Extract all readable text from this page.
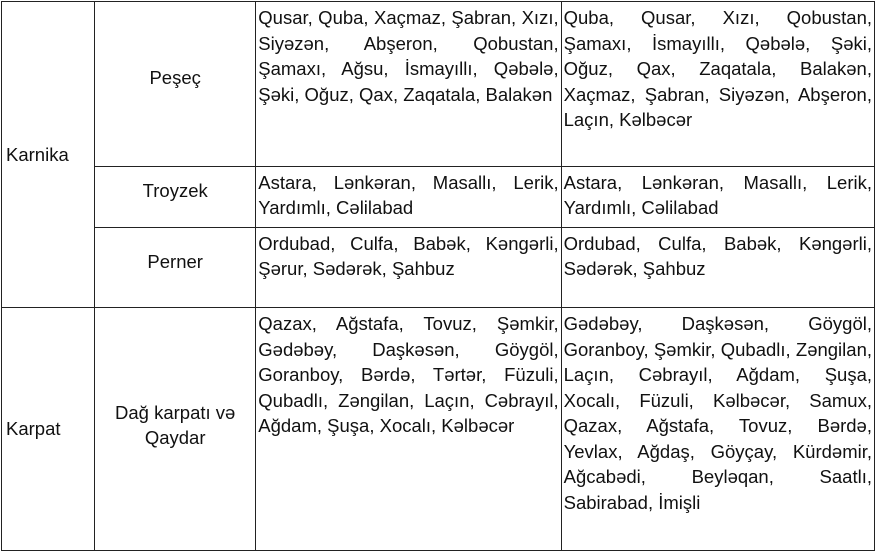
Karnika	Peşeç	Qusar, Quba, Xaçmaz, Şabran, Xızı, Siyəzən, Abşeron, Qobustan, Şamaxı, Ağsu, İsmayıllı, Qəbələ, Şəki, Oğuz, Qax, Zaqatala, Balakən	Quba, Qusar, Xızı, Qobustan, Şamaxı, İsmayıllı, Qəbələ, Şəki, Oğuz, Qax, Zaqatala, Balakən, Xaçmaz, Şabran, Siyəzən, Abşeron, Laçın, Kəlbəcər

	Troyzek	Astara, Lənkəran, Masallı, Lerik, Yardımlı, Cəlilabad	Astara, Lənkəran, Masallı, Lerik, Yardımlı, Cəlilabad

	Perner	Ordubad, Culfa, Babək, Kəngərli, Şərur, Sədərək, Şahbuz	Ordubad, Culfa, Babək, Kəngərli, Sədərək, Şahbuz
Karpat	Dağ karpatı və Qaydar	Qazax, Ağstafa, Tovuz, Şəmkir, Gədəbəy, Daşkəsən, Göygöl, Goranboy, Bərdə, Tərtər, Füzuli, Qubadlı, Zəngilan, Laçın, Cəbrayıl, Ağdam, Şuşa, Xocalı, Kəlbəcər	Gədəbəy, Daşkəsən, Göygöl, Goranboy, Şəmkir, Qubadlı, Zəngilan, Laçın, Cəbrayıl, Ağdam, Şuşa, Xocalı, Füzuli, Kəlbəcər, Samux, Qazax, Ağstafa, Tovuz, Bərdə, Yevlax, Ağdaş, Göyçay, Kürdəmir, Ağcabədi, Beyləqan, Saatlı, Sabirabad, İmişli
